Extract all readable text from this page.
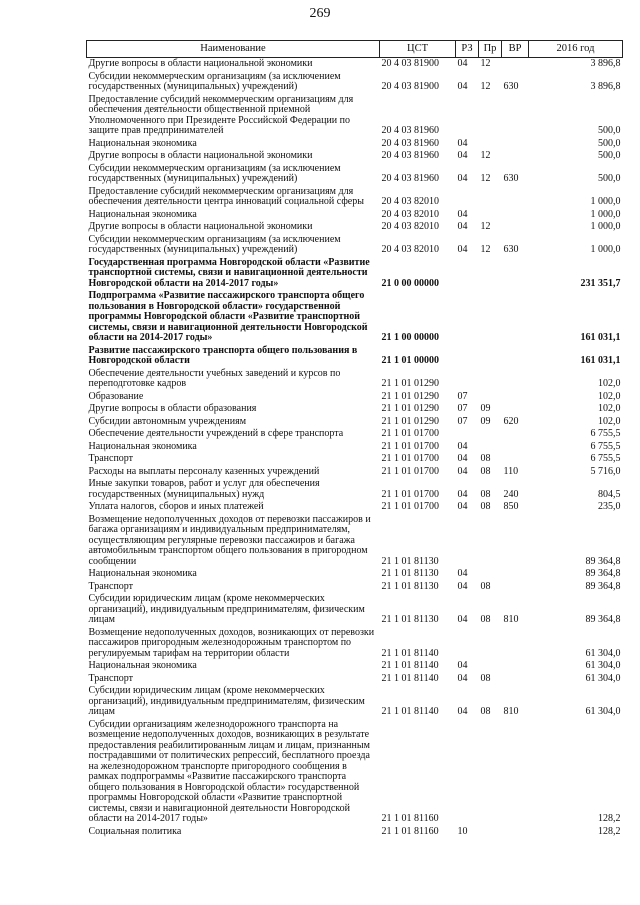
269
Наименование	ЦСТ	РЗ	Пр	ВР	2016 год
Другие вопросы в области национальной экономики	20 4 03 81900	04	12		3 896,8
Субсидии некоммерческим организациям (за исключением государственных (муниципальных) учреждений)	20 4 03 81900	04	12	630	3 896,8
Предоставление субсидий некоммерческим организациям для обеспечения деятельности общественной приемной Уполномоченного при Президенте Российской Федерации по защите прав предпринимателей	20 4 03 81960				500,0
Национальная экономика	20 4 03 81960	04			500,0
Другие вопросы в области национальной экономики	20 4 03 81960	04	12		500,0
Субсидии некоммерческим организациям (за исключением государственных (муниципальных) учреждений)	20 4 03 81960	04	12	630	500,0
Предоставление субсидий некоммерческим организациям для обеспечения деятельности центра инноваций социальной сферы	20 4 03 82010				1 000,0
Национальная экономика	20 4 03 82010	04			1 000,0
Другие вопросы в области национальной экономики	20 4 03 82010	04	12		1 000,0
Субсидии некоммерческим организациям (за исключением государственных (муниципальных) учреждений)	20 4 03 82010	04	12	630	1 000,0
Государственная программа Новгородской области «Развитие транспортной системы, связи и навигационной деятельности Новгородской области на 2014-2017 годы»	21 0 00 00000				231 351,7
Подпрограмма «Развитие пассажирского транспорта общего пользования в Новгородской области» государственной программы Новгородской области «Развитие транспортной системы, связи и навигационной деятельности Новгородской области на 2014-2017 годы»	21 1 00 00000				161 031,1
Развитие пассажирского транспорта общего пользования в Новгородской области	21 1 01 00000				161 031,1
Обеспечение деятельности учебных заведений и курсов по переподготовке кадров	21 1 01 01290				102,0
Образование	21 1 01 01290	07			102,0
Другие вопросы в области образования	21 1 01 01290	07	09		102,0
Субсидии автономным учреждениям	21 1 01 01290	07	09	620	102,0
Обеспечение деятельности учреждений в сфере транспорта	21 1 01 01700				6 755,5
Национальная экономика	21 1 01 01700	04			6 755,5
Транспорт	21 1 01 01700	04	08		6 755,5
Расходы на выплаты персоналу казенных учреждений	21 1 01 01700	04	08	110	5 716,0
Иные закупки товаров, работ и услуг для обеспечения государственных (муниципальных) нужд	21 1 01 01700	04	08	240	804,5
Уплата налогов, сборов и иных платежей	21 1 01 01700	04	08	850	235,0
Возмещение недополученных доходов от перевозки пассажиров и багажа организациям и индивидуальным предпринимателям, осуществляющим регулярные перевозки пассажиров и багажа автомобильным транспортом общего пользования в пригородном сообщении	21 1 01 81130				89 364,8
Национальная экономика	21 1 01 81130	04			89 364,8
Транспорт	21 1 01 81130	04	08		89 364,8
Субсидии юридическим лицам (кроме некоммерческих организаций), индивидуальным предпринимателям, физическим лицам	21 1 01 81130	04	08	810	89 364,8
Возмещение недополученных доходов, возникающих от перевозки пассажиров пригородным железнодорожным транспортом по регулируемым тарифам на территории области	21 1 01 81140				61 304,0
Национальная экономика	21 1 01 81140	04			61 304,0
Транспорт	21 1 01 81140	04	08		61 304,0
Субсидии юридическим лицам (кроме некоммерческих организаций), индивидуальным предпринимателям, физическим лицам	21 1 01 81140	04	08	810	61 304,0
Субсидии организациям железнодорожного транспорта на возмещение недополученных доходов, возникающих в результате предоставления реабилитированным лицам и лицам, признанным пострадавшими от политических репрессий, бесплатного проезда на железнодорожном транспорте пригородного сообщения в рамках подпрограммы «Развитие пассажирского транспорта общего пользования в Новгородской области» государственной программы Новгородской области «Развитие транспортной системы, связи и навигационной деятельности Новгородской области на 2014-2017 годы»	21 1 01 81160				128,2
Социальная политика	21 1 01 81160	10			128,2
